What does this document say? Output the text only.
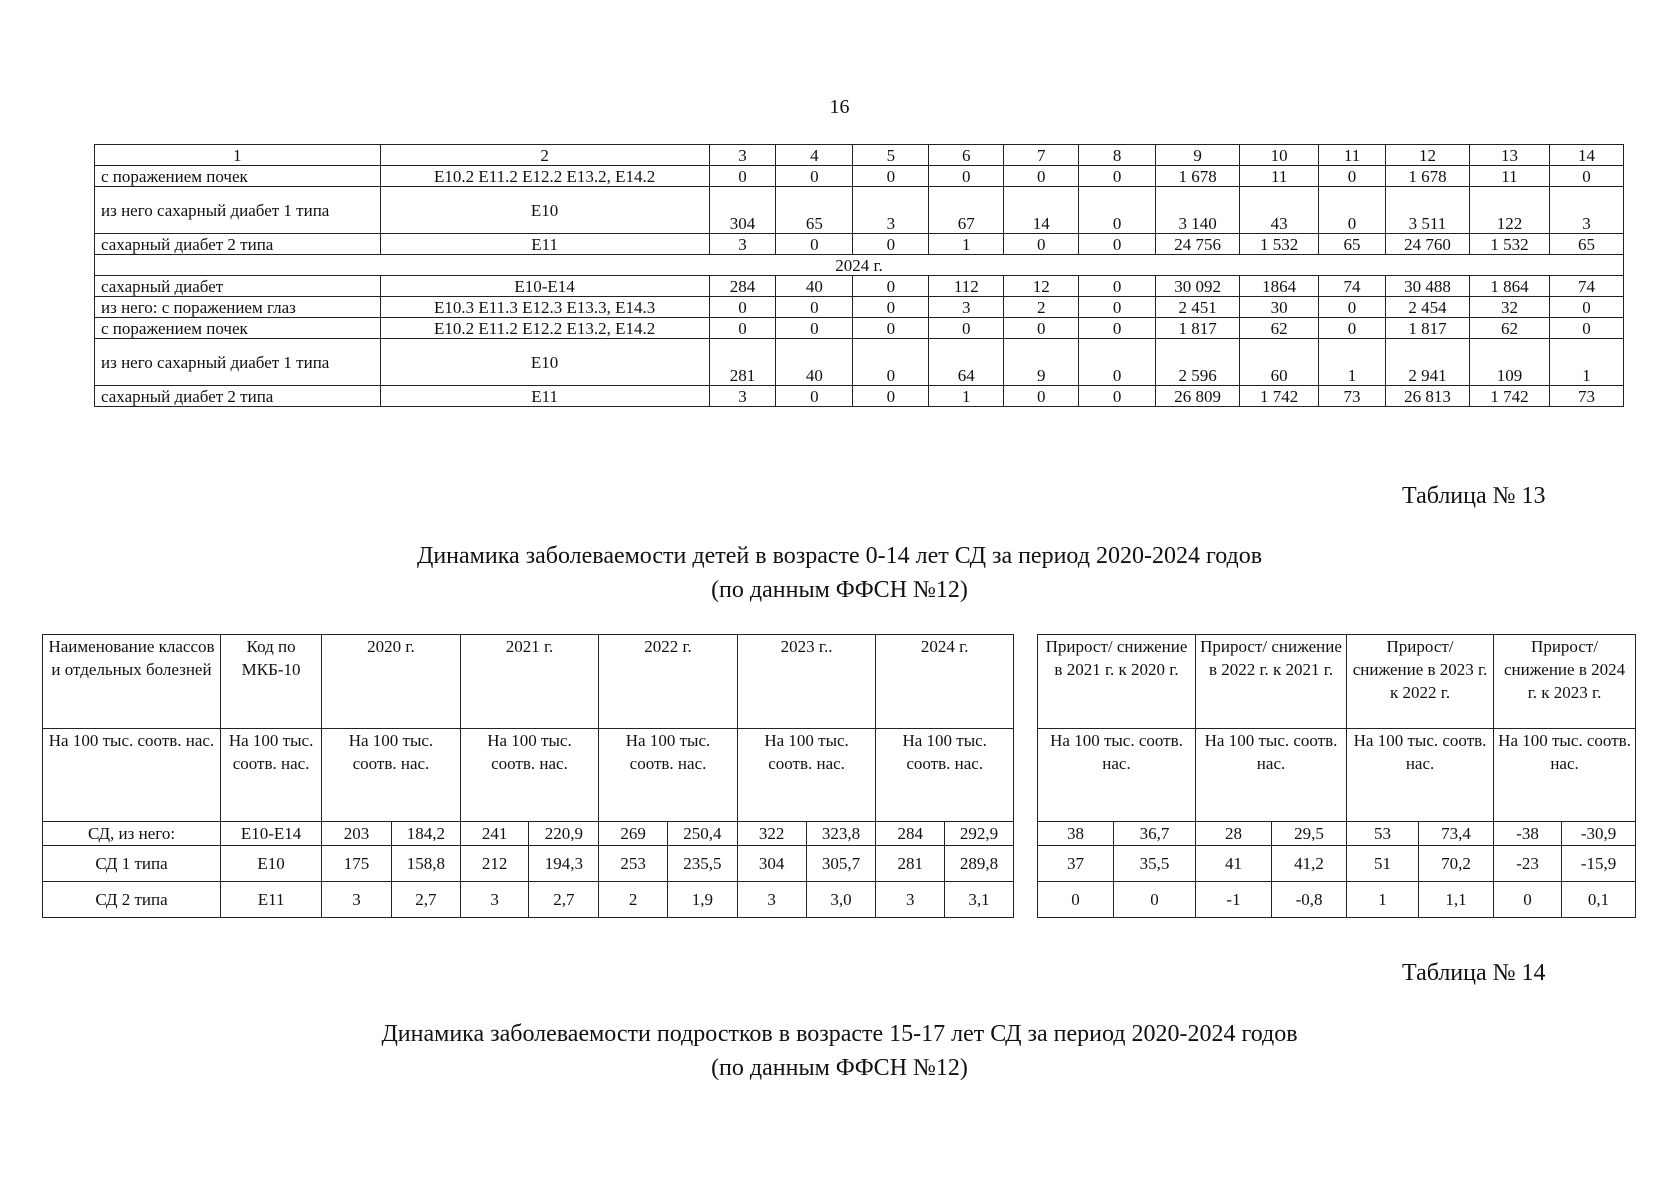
16
1	2	3	4	5	6	7	8	9	10	11	12	13	14
с поражением почек	E10.2 E11.2 E12.2 E13.2, E14.2	0	0	0	0	0	0	1 678	11	0	1 678	11	0
из него сахарный диабет 1 типа	E10	304	65	3	67	14	0	3 140	43	0	3 511	122	3
сахарный диабет 2 типа	E11	3	0	0	1	0	0	24 756	1 532	65	24 760	1 532	65
2024 г.													
сахарный диабет	E10-E14	284	40	0	112	12	0	30 092	1864	74	30 488	1 864	74
из него: с поражением глаз	E10.3 E11.3 E12.3 E13.3, E14.3	0	0	0	3	2	0	2 451	30	0	2 454	32	0
с поражением почек	E10.2 E11.2 E12.2 E13.2, E14.2	0	0	0	0	0	0	1 817	62	0	1 817	62	0
из него сахарный диабет 1 типа	E10	281	40	0	64	9	0	2 596	60	1	2 941	109	1
сахарный диабет 2 типа	E11	3	0	0	1	0	0	26 809	1 742	73	26 813	1 742	73
Таблица № 13
Динамика заболеваемости детей в возрасте 0-14 лет СД за период 2020-2024 годов
(по данным ФФСН №12)
Наименование классов и отдельных болезней	Код по МКБ-10	2020 г.		2021 г.		2022 г.		2023 г..		2024 г.	
На 100 тыс. соотв. нас.	На 100 тыс. соотв. нас.	На 100 тыс. соотв. нас.		На 100 тыс. соотв. нас.		На 100 тыс. соотв. нас.		На 100 тыс. соотв. нас.		На 100 тыс. соотв. нас.	
СД, из него:	E10-E14	203	184,2	241	220,9	269	250,4	322	323,8	284	292,9
СД 1 типа	E10	175	158,8	212	194,3	253	235,5	304	305,7	281	289,8
СД 2 типа	E11	3	2,7	3	2,7	2	1,9	3	3,0	3	3,1
Прирост/ снижение в 2021 г. к 2020 г.		Прирост/ снижение в 2022 г. к 2021 г.		Прирост/ снижение в 2023 г. к 2022 г.		Прирост/ снижение в 2024 г. к 2023 г.	
На 100 тыс. соотв. нас.		На 100 тыс. соотв. нас.		На 100 тыс. соотв. нас.		На 100 тыс. соотв. нас.	
38	36,7	28	29,5	53	73,4	-38	-30,9
37	35,5	41	41,2	51	70,2	-23	-15,9
0	0	-1	-0,8	1	1,1	0	0,1
Таблица № 14
Динамика заболеваемости подростков в возрасте 15-17 лет СД за период 2020-2024 годов
(по данным ФФСН №12)
